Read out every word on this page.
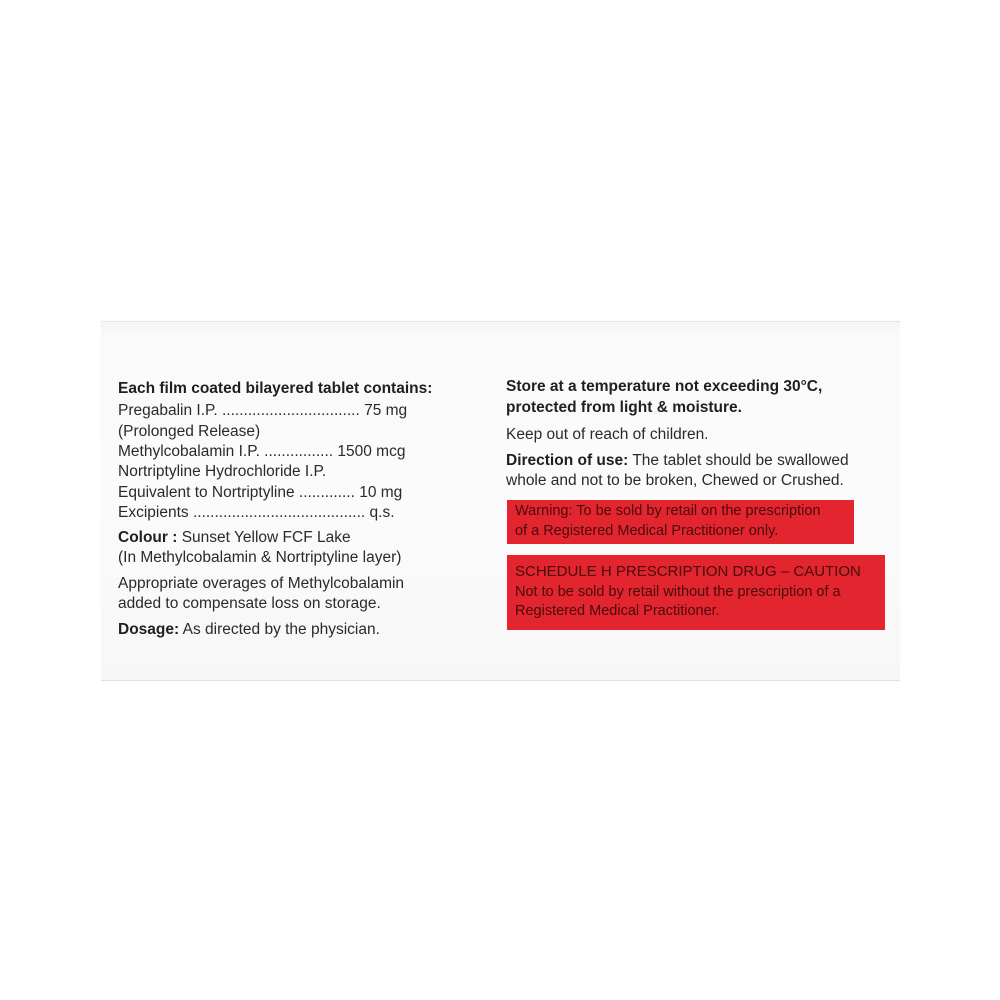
Each film coated bilayered tablet contains:
Pregabalin I.P. ................................ 75 mg
(Prolonged Release)
Methylcobalamin I.P. ................ 1500 mcg
Nortriptyline Hydrochloride I.P.
Equivalent to Nortriptyline ............. 10 mg
Excipients ........................................ q.s.
Colour : Sunset Yellow FCF Lake
(In Methylcobalamin & Nortriptyline layer)
Appropriate overages of Methylcobalamin
added to compensate loss on storage.
Dosage: As directed by the physician.
Store at a temperature not exceeding 30°C,
protected from light & moisture.
Keep out of reach of children.
Direction of use: The tablet should be swallowed
whole and not to be broken, Chewed or Crushed.
Warning: To be sold by retail on the prescription
of a Registered Medical Practitioner only.
SCHEDULE H PRESCRIPTION DRUG – CAUTION
Not to be sold by retail without the prescription of a
Registered Medical Practitioner.
